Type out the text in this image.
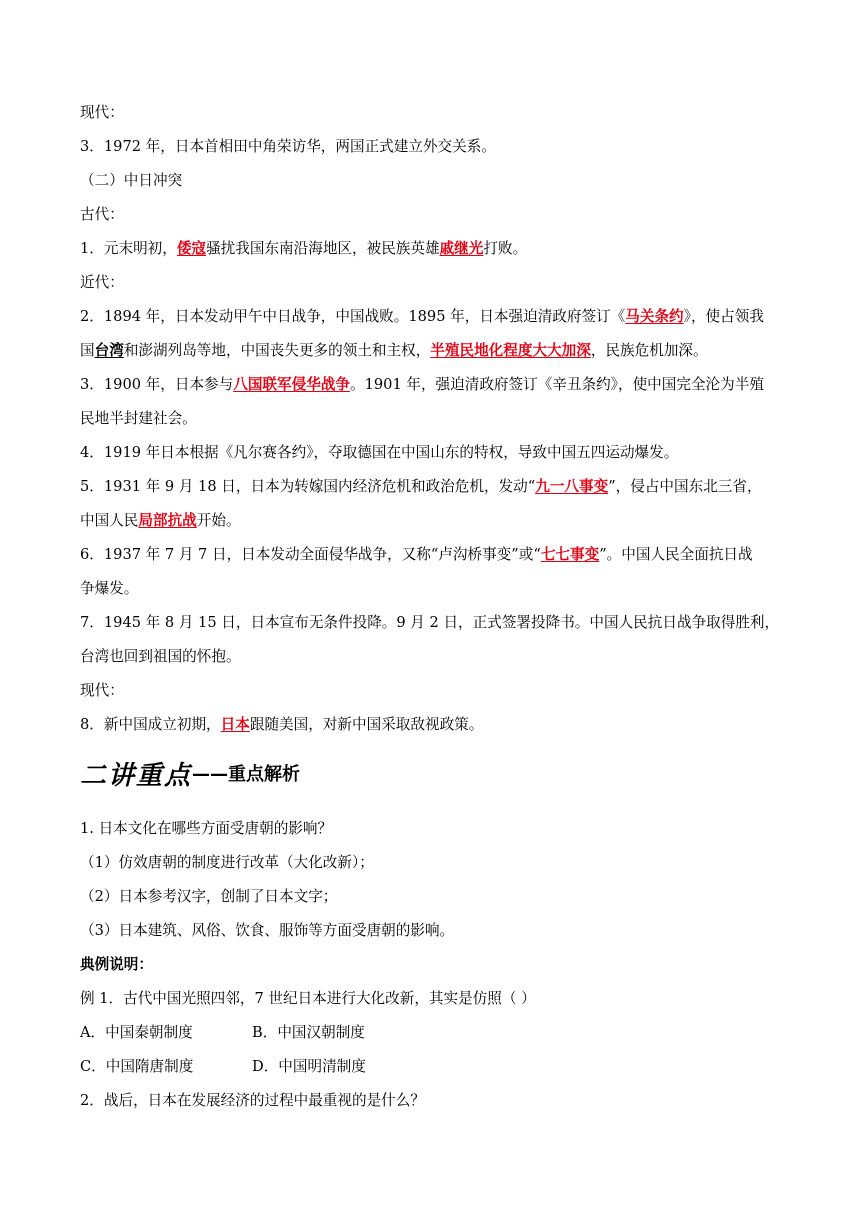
现代：
3．1972 年，日本首相田中角荣访华，两国正式建立外交关系。
（二）中日冲突
古代：
1．元末明初，倭寇骚扰我国东南沿海地区，被民族英雄戚继光打败。
近代：
2．1894 年，日本发动甲午中日战争，中国战败。1895 年，日本强迫清政府签订《马关条约》，使占领我
国台湾和澎湖列岛等地，中国丧失更多的领土和主权，半殖民地化程度大大加深，民族危机加深。
3．1900 年，日本参与八国联军侵华战争。1901 年，强迫清政府签订《辛丑条约》，使中国完全沦为半殖
民地半封建社会。
4．1919 年日本根据《凡尔赛各约》，夺取德国在中国山东的特权，导致中国五四运动爆发。
5．1931 年 9 月 18 日，日本为转嫁国内经济危机和政治危机，发动“九一八事变”，侵占中国东北三省，
中国人民局部抗战开始。
6．1937 年 7 月 7 日，日本发动全面侵华战争，又称“卢沟桥事变”或“七七事变”。中国人民全面抗日战
争爆发。
7．1945 年 8 月 15 日，日本宣布无条件投降。9 月 2 日，正式签署投降书。中国人民抗日战争取得胜利，
台湾也回到祖国的怀抱。
现代：
8．新中国成立初期，日本跟随美国，对新中国采取敌视政策。
二讲重点 ——重点解析
1. 日本文化在哪些方面受唐朝的影响？
（1）仿效唐朝的制度进行改革（大化改新）；
（2）日本参考汉字，创制了日本文字；
（3）日本建筑、风俗、饮食、服饰等方面受唐朝的影响。
典例说明：
例 1．古代中国光照四邻，7 世纪日本进行大化改新，其实是仿照（ ）
A．中国秦朝制度	B．中国汉朝制度
C．中国隋唐制度	D．中国明清制度
2．战后，日本在发展经济的过程中最重视的是什么？
